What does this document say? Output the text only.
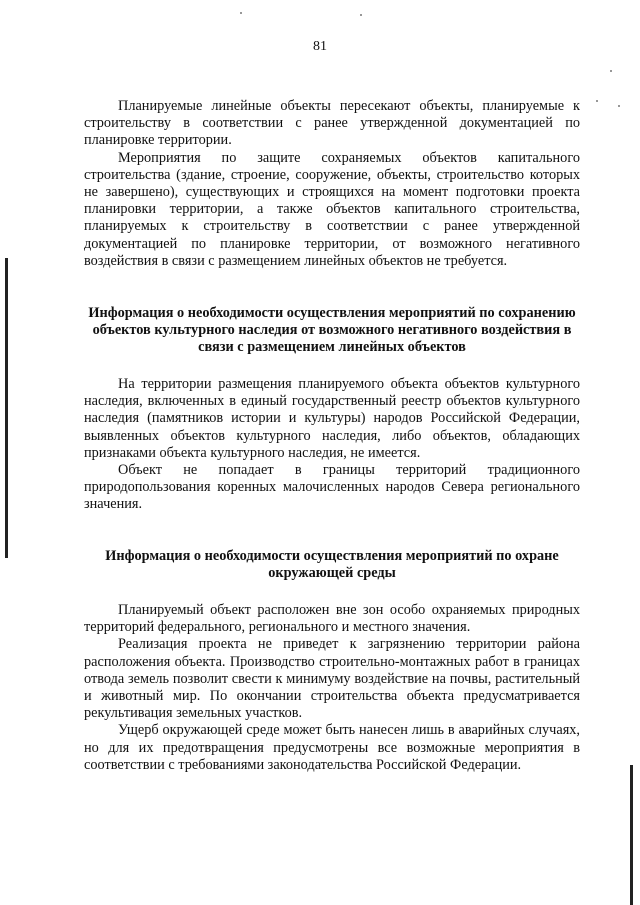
81

Планируемые линейные объекты пересекают объекты, планируемые к строительству в соответствии с ранее утвержденной документацией по планировке территории.

Мероприятия по защите сохраняемых объектов капитального строительства (здание, строение, сооружение, объекты, строительство которых не завершено), существующих и строящихся на момент подготовки проекта планировки территории, а также объектов капитального строительства, планируемых к строительству в соответствии с ранее утвержденной документацией по планировке территории, от возможного негативного воздействия в связи с размещением линейных объектов не требуется.

Информация о необходимости осуществления мероприятий по сохранению объектов культурного наследия от возможного негативного воздействия в связи с размещением линейных объектов

На территории размещения планируемого объекта объектов культурного наследия, включенных в единый государственный реестр объектов культурного наследия (памятников истории и культуры) народов Российской Федерации, выявленных объектов культурного наследия, либо объектов, обладающих признаками объекта культурного наследия, не имеется.

Объект не попадает в границы территорий традиционного природопользования коренных малочисленных народов Севера регионального значения.

Информация о необходимости осуществления мероприятий по охране окружающей среды

Планируемый объект расположен вне зон особо охраняемых природных территорий федерального, регионального и местного значения.

Реализация проекта не приведет к загрязнению территории района расположения объекта. Производство строительно-монтажных работ в границах отвода земель позволит свести к минимуму воздействие на почвы, растительный и животный мир. По окончании строительства объекта предусматривается рекультивация земельных участков.

Ущерб окружающей среде может быть нанесен лишь в аварийных случаях, но для их предотвращения предусмотрены все возможные мероприятия в соответствии с требованиями законодательства Российской Федерации.
